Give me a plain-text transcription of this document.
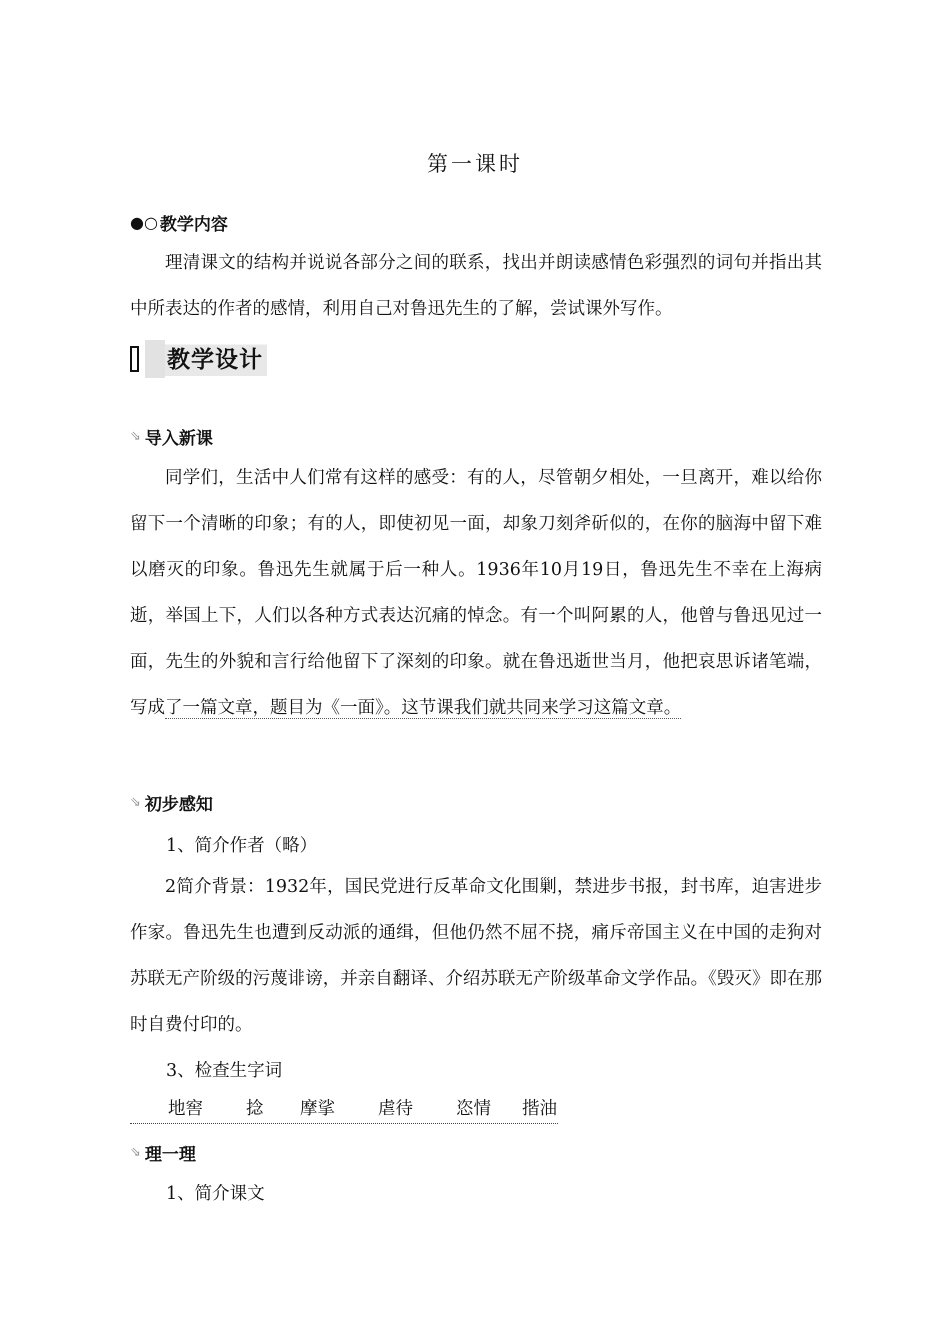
第一课时
●○ 教学内容
理清课文的结构并说说各部分之间的联系，找出并朗读感情色彩强烈的词句并指出其中所表达的作者的感情，利用自己对鲁迅先生的了解，尝试课外写作。
教学设计
⇘ 导入新课
同学们，生活中人们常有这样的感受：有的人，尽管朝夕相处，一旦离开，难以给你留下一个清晰的印象；有的人，即使初见一面，却象刀刻斧斫似的，在你的脑海中留下难以磨灭的印象。鲁迅先生就属于后一种人。1936年10月19日，鲁迅先生不幸在上海病逝，举国上下，人们以各种方式表达沉痛的悼念。有一个叫阿累的人，他曾与鲁迅见过一面，先生的外貌和言行给他留下了深刻的印象。就在鲁迅逝世当月，他把哀思诉诸笔端，写成了一篇文章，题目为《一面》。这节课我们就共同来学习这篇文章。
⇘ 初步感知
1、简介作者（略）
2简介背景：1932年，国民党进行反革命文化围剿，禁进步书报，封书库，迫害进步作家。鲁迅先生也遭到反动派的通缉，但他仍然不屈不挠，痛斥帝国主义在中国的走狗对苏联无产阶级的污蔑诽谤，并亲自翻译、介绍苏联无产阶级革命文学作品。《毁灭》即在那时自费付印的。
3、检查生字词
地窖 捻 摩挲 虐待 恣情 揩油
⇘ 理一理
1、简介课文
